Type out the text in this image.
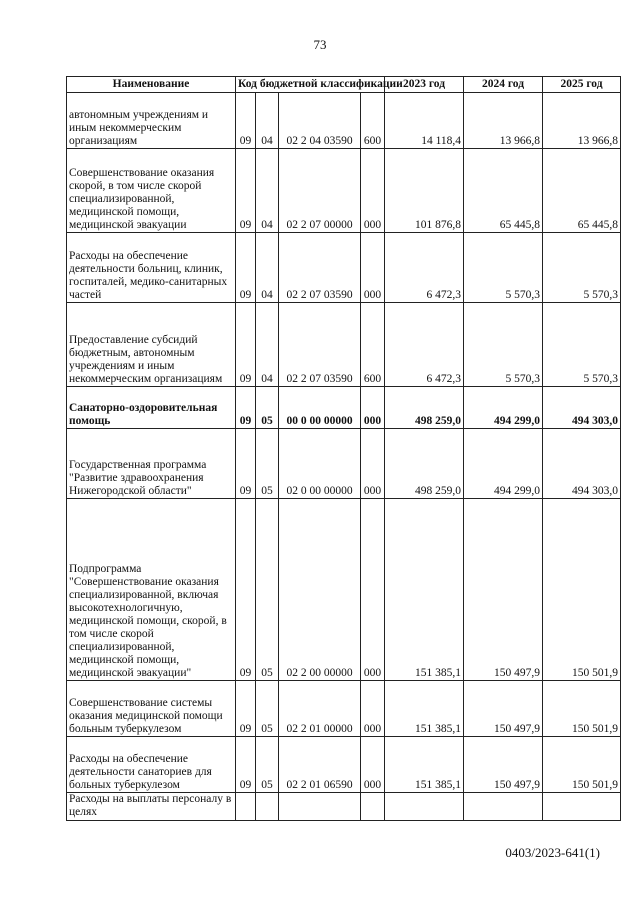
73
Наименование	Код бюджетной классификации				2023 год	2024 год	2025 год
автономным учреждениям и иным некоммерческим организациям	09	04	02 2 04 03590	600	14 118,4	13 966,8	13 966,8
Совершенствование оказания скорой, в том числе скорой специализированной, медицинской помощи, медицинской эвакуации	09	04	02 2 07 00000	000	101 876,8	65 445,8	65 445,8
Расходы на обеспечение деятельности больниц, клиник, госпиталей, медико-санитарных частей	09	04	02 2 07 03590	000	6 472,3	5 570,3	5 570,3
Предоставление субсидий бюджетным, автономным учреждениям и иным некоммерческим организациям	09	04	02 2 07 03590	600	6 472,3	5 570,3	5 570,3
Санаторно-оздоровительная помощь	09	05	00 0 00 00000	000	498 259,0	494 299,0	494 303,0
Государственная программа "Развитие здравоохранения Нижегородской области"	09	05	02 0 00 00000	000	498 259,0	494 299,0	494 303,0
Подпрограмма "Совершенствование оказания специализированной, включая высокотехнологичную, медицинской помощи, скорой, в том числе скорой специализированной, медицинской помощи, медицинской эвакуации"	09	05	02 2 00 00000	000	151 385,1	150 497,9	150 501,9
Совершенствование системы оказания медицинской помощи больным туберкулезом	09	05	02 2 01 00000	000	151 385,1	150 497,9	150 501,9
Расходы на обеспечение деятельности санаториев для больных туберкулезом	09	05	02 2 01 06590	000	151 385,1	150 497,9	150 501,9
Расходы на выплаты персоналу в целях							
0403/2023-641(1)
